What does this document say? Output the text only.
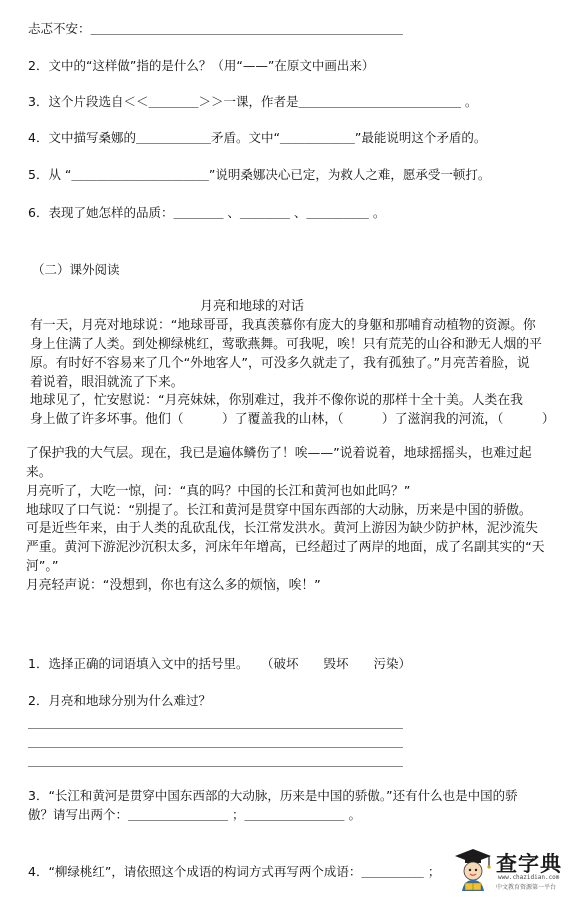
忐忑不安：＿＿＿＿＿＿＿＿＿＿＿＿＿＿＿＿＿＿＿＿＿＿＿＿＿
2．文中的“这样做”指的是什么？（用“——”在原文中画出来）
3．这个片段选自＜＜＿＿＿＿＞＞一课，作者是＿＿＿＿＿＿＿＿＿＿＿＿＿ 。
4．文中描写桑娜的＿＿＿＿＿＿矛盾。文中“＿＿＿＿＿＿”最能说明这个矛盾的。
5．从 “＿＿＿＿＿＿＿＿＿＿＿”说明桑娜决心已定，为救人之难，愿承受一顿打。
6．表现了她怎样的品质：＿＿＿＿ 、＿＿＿＿ 、＿＿＿＿＿ 。
（二）课外阅读
月亮和地球的对话
有一天，月亮对地球说：“地球哥哥，我真羡慕你有庞大的身躯和那哺育动植物的资源。你
身上住满了人类。到处柳绿桃红，莺歌燕舞。可我呢，唉！只有荒芜的山谷和渺无人烟的平
原。有时好不容易来了几个“外地客人”，可没多久就走了，我有孤独了。”月亮苦着脸，说
着说着，眼泪就流了下来。
地球见了，忙安慰说：“月亮妹妹，你别难过，我并不像你说的那样十全十美。人类在我
身上做了许多坏事。他们（　　　）了覆盖我的山林，（　　　）了滋润我的河流，（　　　）
了保护我的大气层。现在，我已是遍体鳞伤了！唉——”说着说着，地球摇摇头，也难过起
来。
月亮听了，大吃一惊，问：“真的吗？中国的长江和黄河也如此吗？”
地球叹了口气说：“别提了。长江和黄河是贯穿中国东西部的大动脉，历来是中国的骄傲。
可是近些年来，由于人类的乱砍乱伐，长江常发洪水。黄河上游因为缺少防护林，泥沙流失
严重。黄河下游泥沙沉积太多，河床年年增高，已经超过了两岸的地面，成了名副其实的“天
河”。”
月亮轻声说：“没想到，你也有这么多的烦恼，唉！”
1．选择正确的词语填入文中的括号里。　　（破坏　　毁坏　　污染）
2．月亮和地球分别为什么难过？
＿＿＿＿＿＿＿＿＿＿＿＿＿＿＿＿＿＿＿＿＿＿＿＿＿＿＿＿＿＿
＿＿＿＿＿＿＿＿＿＿＿＿＿＿＿＿＿＿＿＿＿＿＿＿＿＿＿＿＿＿
＿＿＿＿＿＿＿＿＿＿＿＿＿＿＿＿＿＿＿＿＿＿＿＿＿＿＿＿＿＿
3．“长江和黄河是贯穿中国东西部的大动脉，历来是中国的骄傲。”还有什么也是中国的骄
傲？请写出两个：＿＿＿＿＿＿＿＿ ；＿＿＿＿＿＿＿＿ 。
4．“柳绿桃红”，请依照这个成语的构词方式再写两个成语：＿＿＿＿＿ ；	查字典
www.chazidian.com
中文教育资源第一平台
